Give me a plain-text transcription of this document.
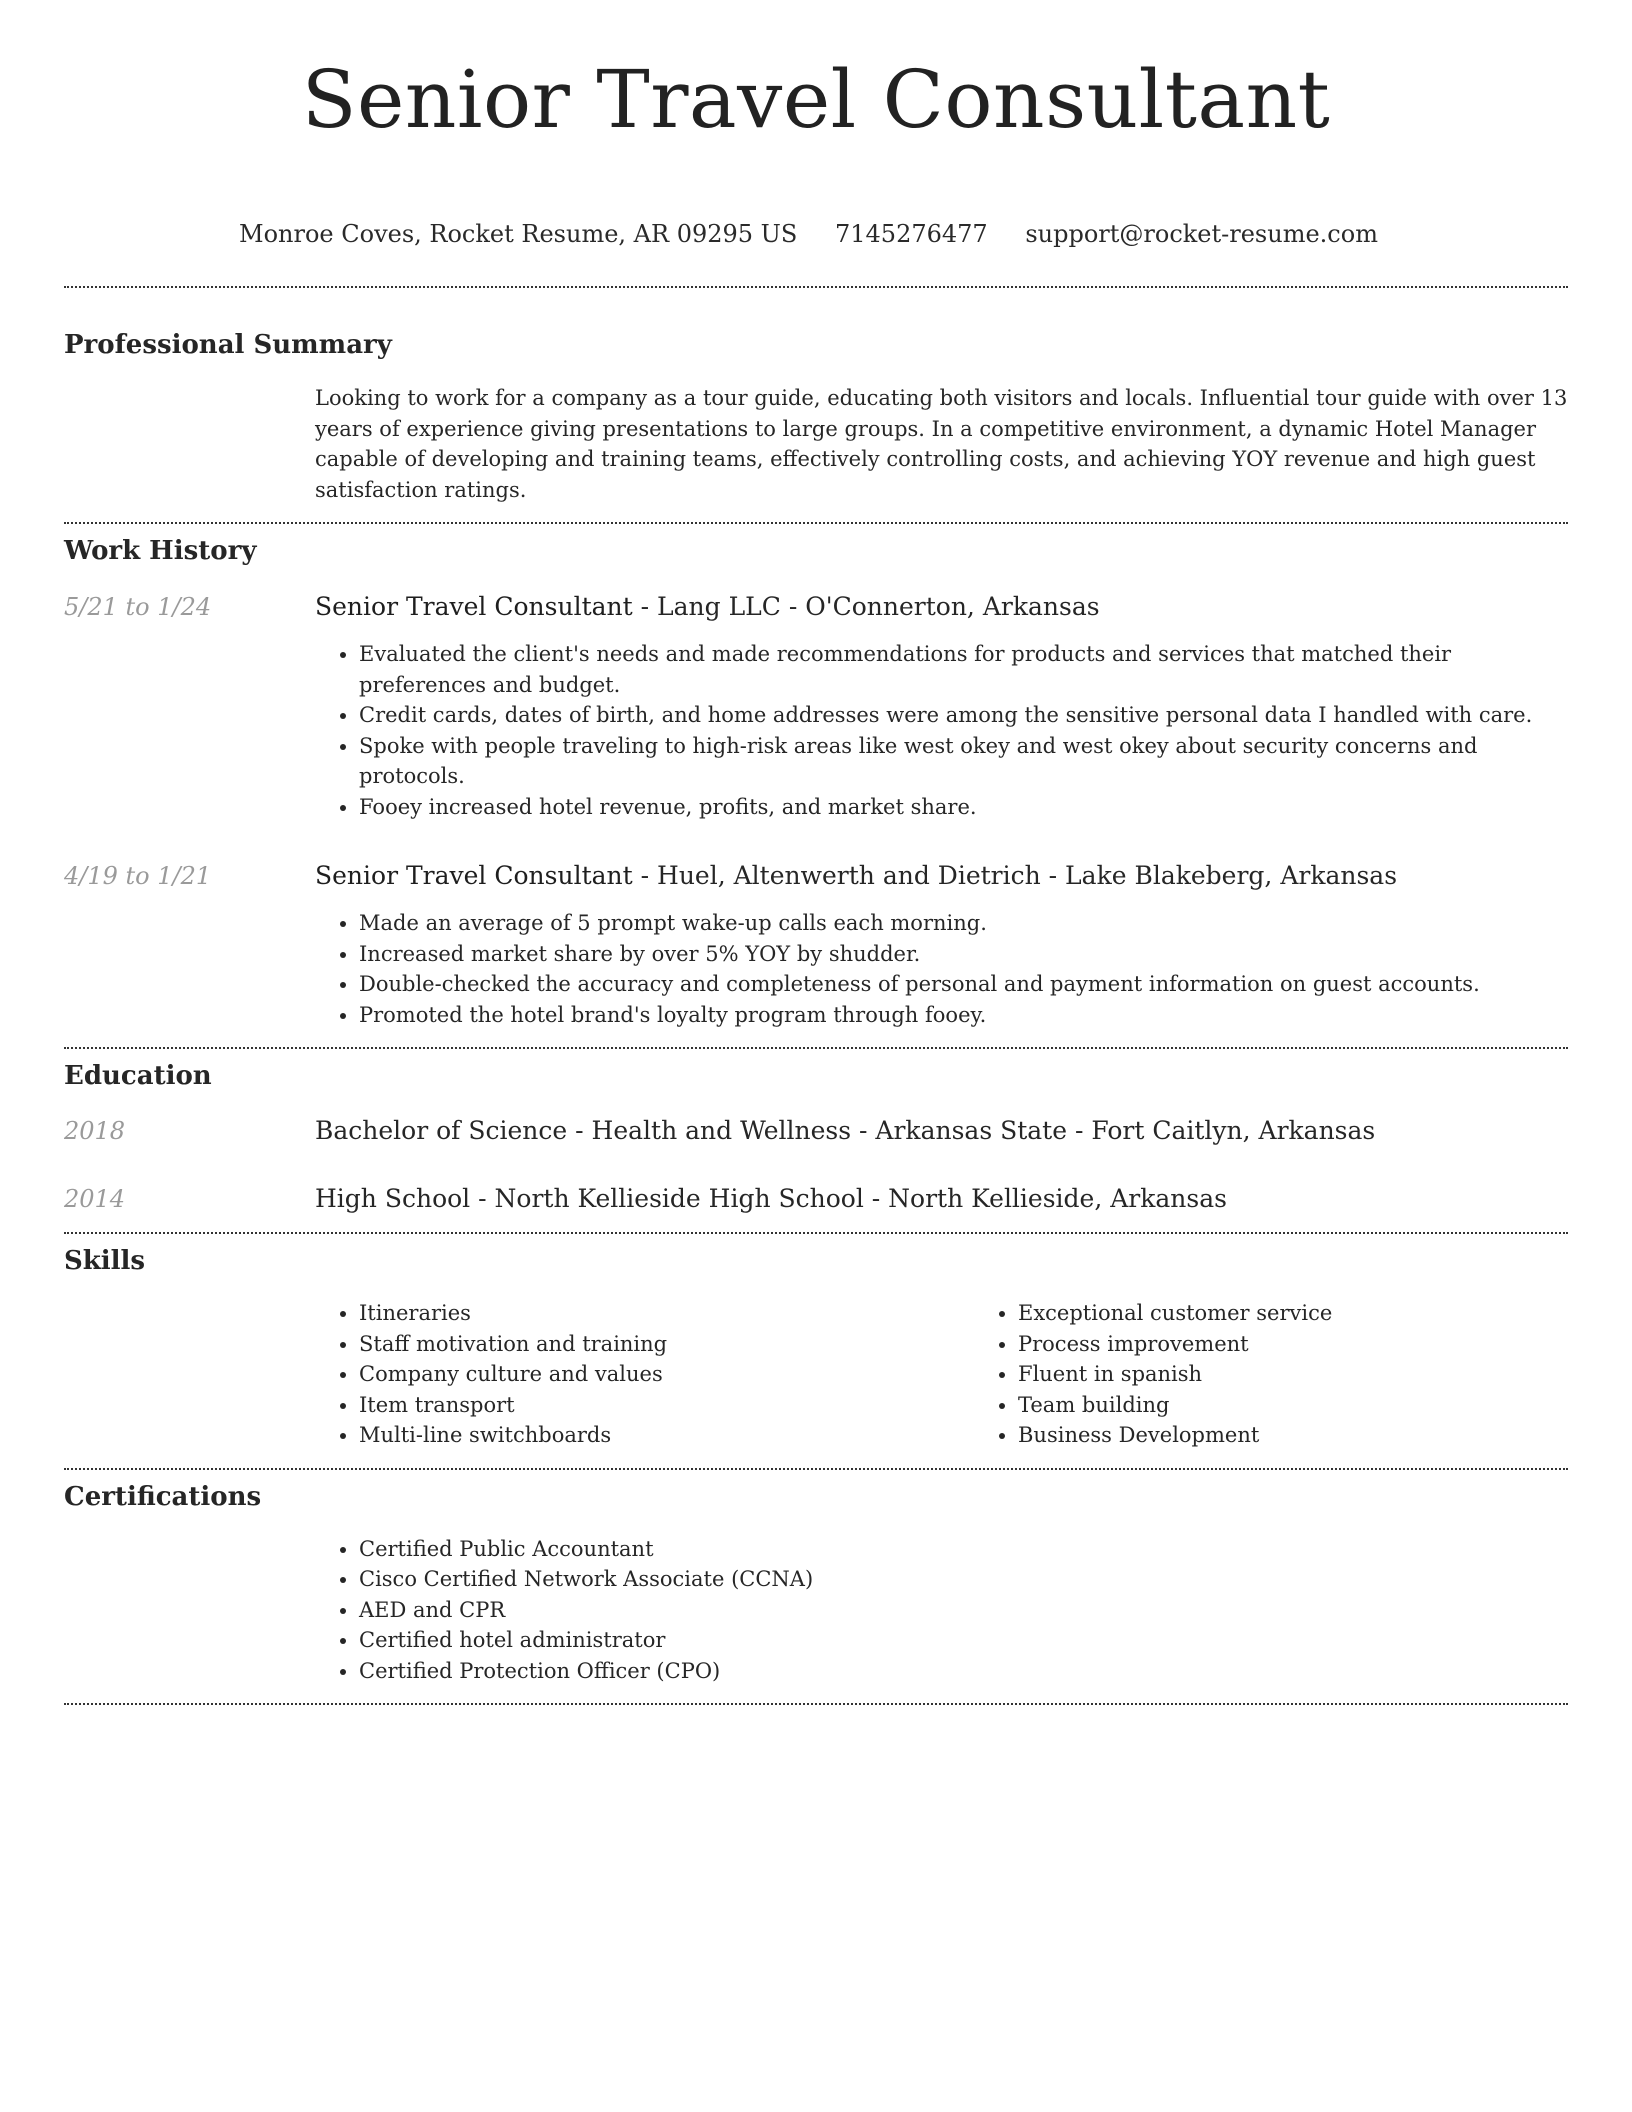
Senior Travel Consultant
Monroe Coves, Rocket Resume, AR 09295 US 7145276477 support@rocket-resume.com
Professional Summary

Looking to work for a company as a tour guide, educating both visitors and locals. Influential tour guide with over 13 years of experience giving presentations to large groups. In a competitive environment, a dynamic Hotel Manager capable of developing and training teams, effectively controlling costs, and achieving YOY revenue and high guest satisfaction ratings.

Work History
5/21 to 1/24	Senior Travel Consultant - Lang LLC - O'Connerton, Arkansas

• Evaluated the client's needs and made recommendations for products and services that matched their preferences and budget.
• Credit cards, dates of birth, and home addresses were among the sensitive personal data I handled with care.
• Spoke with people traveling to high-risk areas like west okey and west okey about security concerns and protocols.
• Fooey increased hotel revenue, profits, and market share.
4/19 to 1/21	Senior Travel Consultant - Huel, Altenwerth and Dietrich - Lake Blakeberg, Arkansas

• Made an average of 5 prompt wake-up calls each morning.
• Increased market share by over 5% YOY by shudder.
• Double-checked the accuracy and completeness of personal and payment information on guest accounts.
• Promoted the hotel brand's loyalty program through fooey.
Education
2018	Bachelor of Science - Health and Wellness - Arkansas State - Fort Caitlyn, Arkansas

2014	High School - North Kellieside High School - North Kellieside, Arkansas

Skills
• Itineraries
• Staff motivation and training
• Company culture and values
• Item transport
• Multi-line switchboards
• Exceptional customer service
• Process improvement
• Fluent in spanish
• Team building
• Business Development
Certifications
• Certified Public Accountant
• Cisco Certified Network Associate (CCNA)
• AED and CPR
• Certified hotel administrator
• Certified Protection Officer (CPO)
